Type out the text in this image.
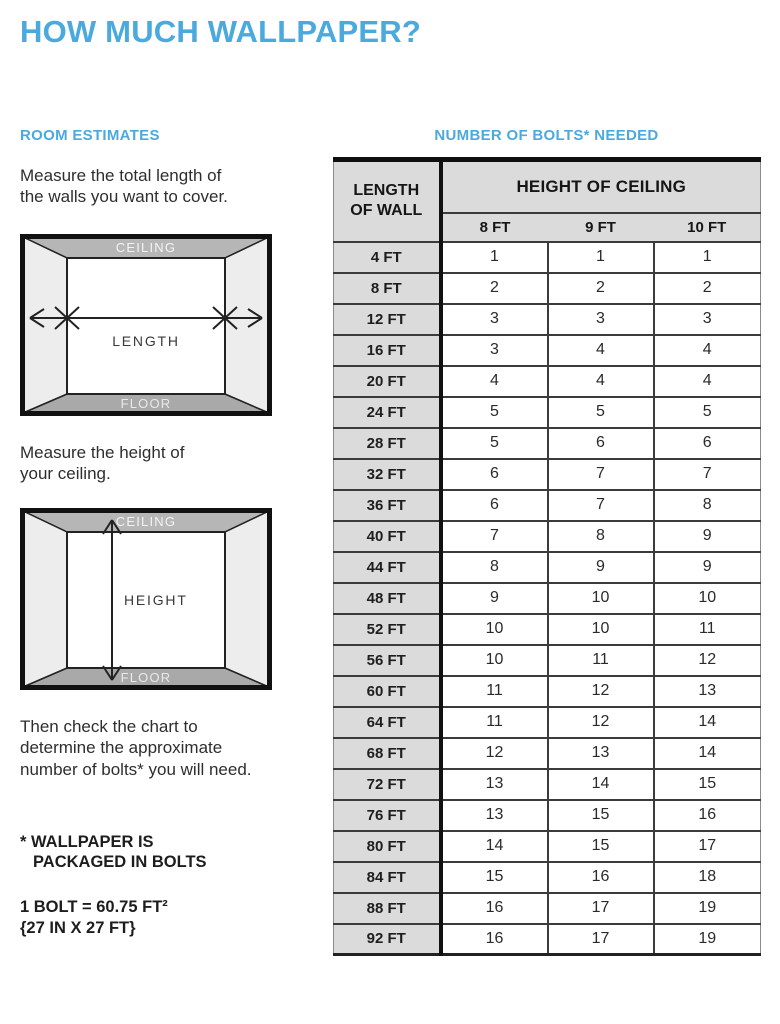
HOW MUCH WALLPAPER?
ROOM ESTIMATES
Measure the total length of
the walls you want to cover.
CEILING
LENGTH
FLOOR
Measure the height of
your ceiling.
CEILING
HEIGHT
FLOOR
Then check the chart to
determine the approximate
number of bolts* you will need.
* WALLPAPER IS
PACKAGED IN BOLTS
1 BOLT = 60.75 FT²
{27 IN X 27 FT}
NUMBER OF BOLTS* NEEDED
LENGTH
OF WALL	HEIGHT OF CEILING		
	8 FT	9 FT	10 FT
4 FT	1	1	1
8 FT	2	2	2
12 FT	3	3	3
16 FT	3	4	4
20 FT	4	4	4
24 FT	5	5	5
28 FT	5	6	6
32 FT	6	7	7
36 FT	6	7	8
40 FT	7	8	9
44 FT	8	9	9
48 FT	9	10	10
52 FT	10	10	11
56 FT	10	11	12
60 FT	11	12	13
64 FT	11	12	14
68 FT	12	13	14
72 FT	13	14	15
76 FT	13	15	16
80 FT	14	15	17
84 FT	15	16	18
88 FT	16	17	19
92 FT	16	17	19
